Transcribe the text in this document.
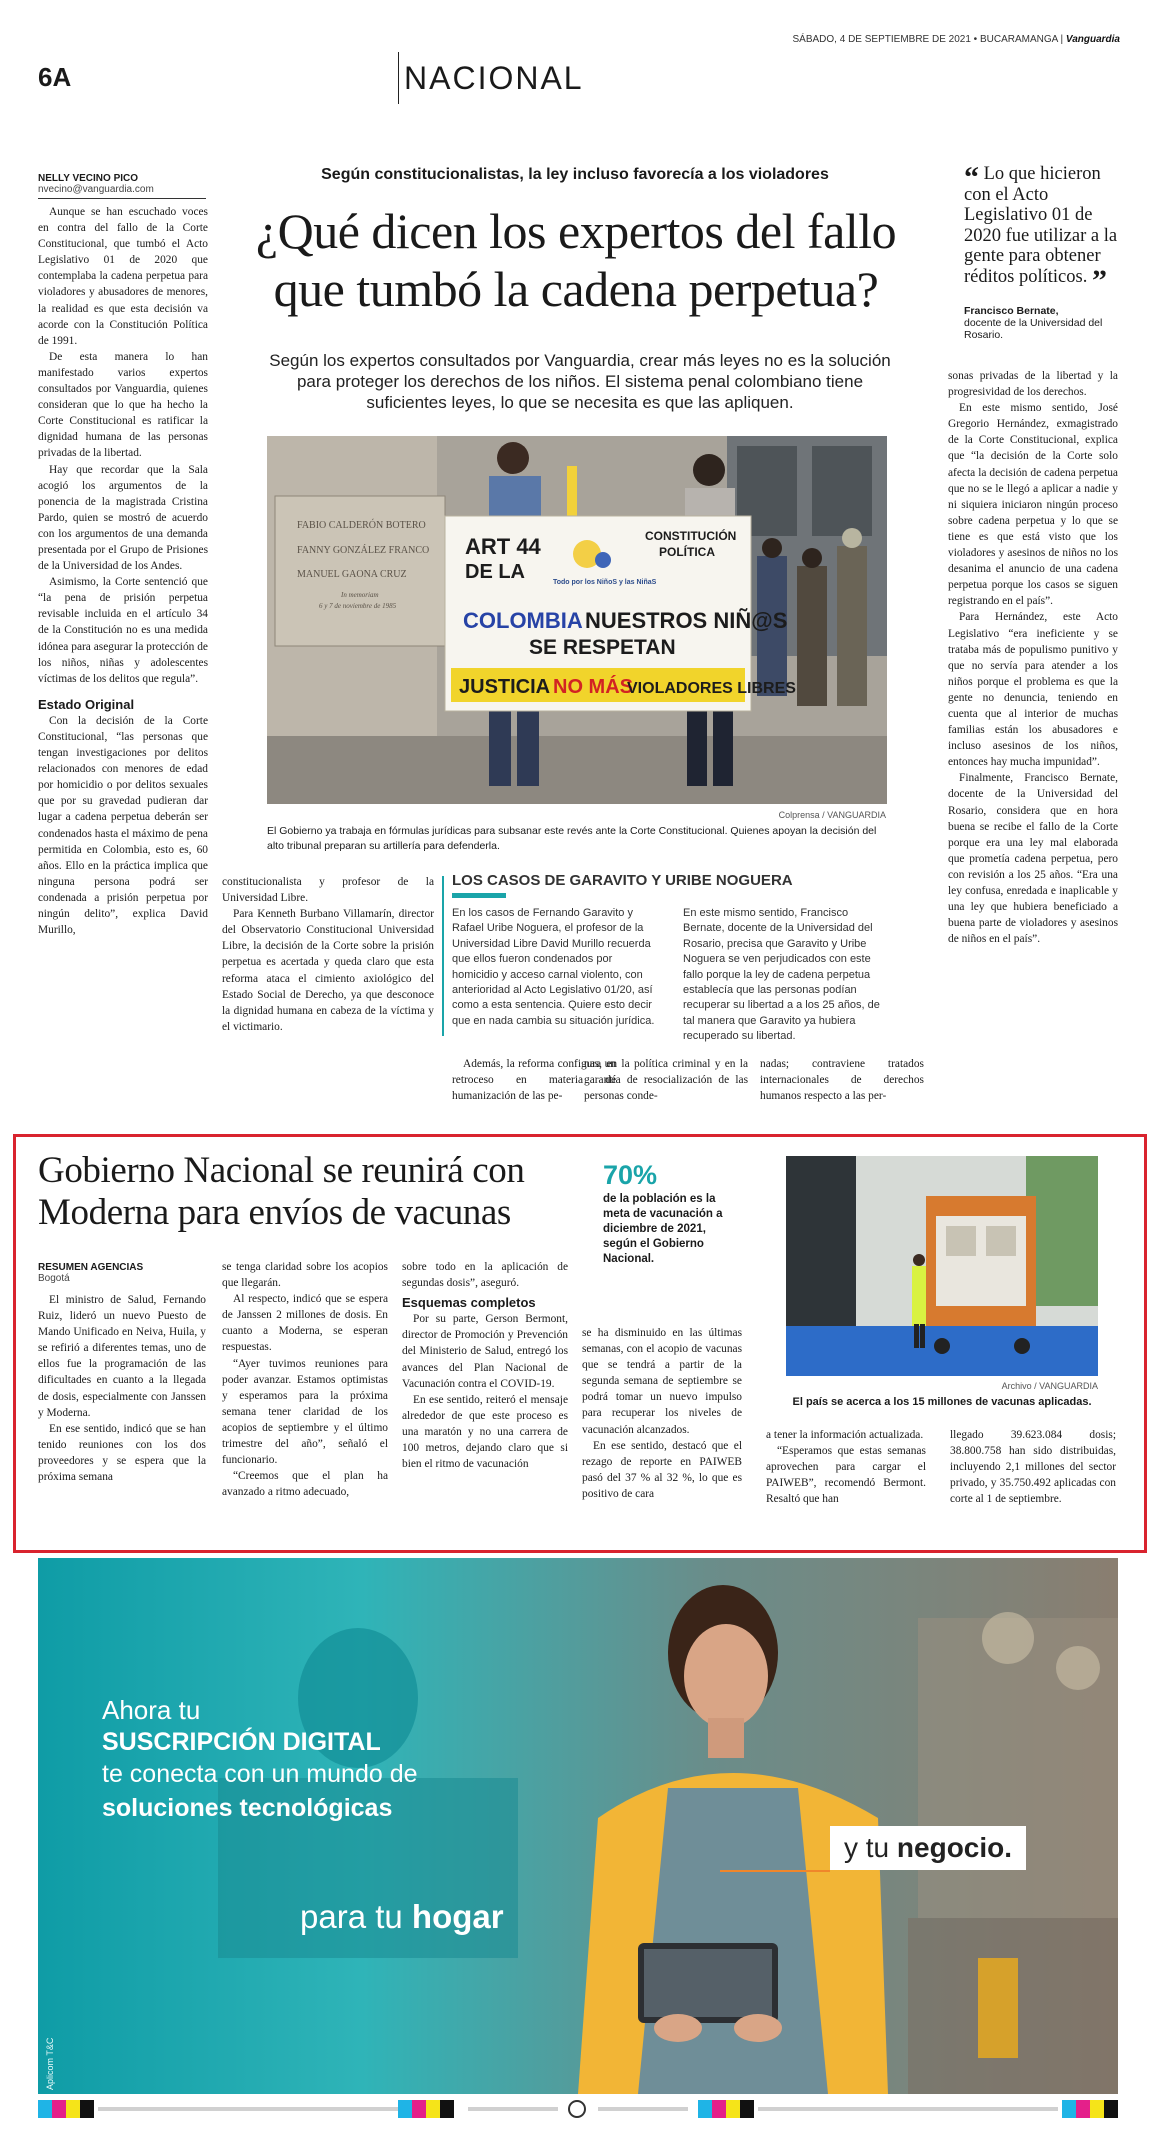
SÁBADO, 4 DE SEPTIEMBRE DE 2021 • BUCARAMANGA | Vanguardia
6A	NACIONAL
NELLY VECINO PICO
nvecino@vanguardia.com

Aunque se han escuchado voces en contra del fallo de la Corte Constitucional, que tumbó el Acto Legislativo 01 de 2020 que contemplaba la cadena perpetua para violadores y abusadores de menores, la realidad es que esta decisión va acorde con la Constitución Política de 1991.

De esta manera lo han manifestado varios expertos consultados por Vanguardia, quienes consideran que lo que ha hecho la Corte Constitucional es ratificar la dignidad humana de las personas privadas de la libertad.

Hay que recordar que la Sala acogió los argumentos de la ponencia de la magistrada Cristina Pardo, quien se mostró de acuerdo con los argumentos de una demanda presentada por el Grupo de Prisiones de la Universidad de los Andes.

Asimismo, la Corte sentenció que “la pena de prisión perpetua revisable incluida en el artículo 34 de la Constitución no es una medida idónea para asegurar la protección de los niños, niñas y adolescentes víctimas de los delitos que regula”.

Estado Original

Con la decisión de la Corte Constitucional, “las personas que tengan investigaciones por delitos relacionados con menores de edad por homicidio o por delitos sexuales que por su gravedad pudieran dar lugar a cadena perpetua deberán ser condenados hasta el máximo de pena permitida en Colombia, esto es, 60 años. Ello en la práctica implica que ninguna persona podrá ser condenada a prisión perpetua por ningún delito”, explica David Murillo,

Según constitucionalistas, la ley incluso favorecía a los violadores
¿Qué dicen los expertos del fallo que tumbó la cadena perpetua?
Según los expertos consultados por Vanguardia, crear más leyes no es la solución para proteger los derechos de los niños. El sistema penal colombiano tiene suficientes leyes, lo que se necesita es que las apliquen.
FABIO CALDERÓN BOTERO
FANNY GONZÁLEZ FRANCO
MANUEL GAONA CRUZ
In memoriam
6 y 7 de noviembre de 1985
ART 44
DE LA
CONSTITUCIÓN
POLÍTICA
Todo por los NiñoS y las NiñaS
COLOMBIA NUESTROS NIÑ@S
SE RESPETAN
JUSTICIA NO MÁS
VIOLADORES LIBRES
Colprensa / VANGUARDIA
El Gobierno ya trabaja en fórmulas jurídicas para subsanar este revés ante la Corte Constitucional. Quienes apoyan la decisión del alto tribunal preparan su artillería para defenderla.

constitucionalista y profesor de la Universidad Libre.

Para Kenneth Burbano Villamarín, director del Observatorio Constitucional Universidad Libre, la decisión de la Corte sobre la prisión perpetua es acertada y queda claro que esta reforma ataca el cimiento axiológico del Estado Social de Derecho, ya que desconoce la dignidad humana en cabeza de la víctima y el victimario.

LOS CASOS DE GARAVITO Y URIBE NOGUERA
En los casos de Fernando Garavito y Rafael Uribe Noguera, el profesor de la Universidad Libre David Murillo recuerda que ellos fueron condenados por homicidio y acceso carnal violento, con anterioridad al Acto Legislativo 01/20, así como a esta sentencia. Quiere esto decir que en nada cambia su situación jurídica.
En este mismo sentido, Francisco Bernate, docente de la Universidad del Rosario, precisa que Garavito y Uribe Noguera se ven perjudicados con este fallo porque la ley de cadena perpetua establecía que las personas podían recuperar su libertad a a los 25 años, de tal manera que Garavito ya hubiera recuperado su libertad.

Además, la reforma configura un retroceso en materia de humanización de las pe-

nas, en la política criminal y en la garantía de resocialización de las personas conde-

nadas; contraviene tratados internacionales de derechos humanos respecto a las per-

“ Lo que hicieron con el Acto Legislativo 01 de 2020 fue utilizar a la gente para obtener réditos políticos. ”
Francisco Bernate,
docente de la Universidad del Rosario.

sonas privadas de la libertad y la progresividad de los derechos.

En este mismo sentido, José Gregorio Hernández, exmagistrado de la Corte Constitucional, explica que “la decisión de la Corte solo afecta la decisión de cadena perpetua que no se le llegó a aplicar a nadie y ni siquiera iniciaron ningún proceso sobre cadena perpetua y lo que se tiene es que está visto que los violadores y asesinos de niños no los desanima el anuncio de una cadena perpetua porque los casos se siguen registrando en el país”.

Para Hernández, este Acto Legislativo “era ineficiente y se trataba más de populismo punitivo y que no servía para atender a los niños porque el problema es que la gente no denuncia, teniendo en cuenta que al interior de muchas familias están los abusadores e incluso asesinos de los niños, entonces hay mucha impunidad”.

Finalmente, Francisco Bernate, docente de la Universidad del Rosario, considera que en hora buena se recibe el fallo de la Corte porque era una ley mal elaborada que prometía cadena perpetua, pero con revisión a los 25 años. “Era una ley confusa, enredada e inaplicable y una ley que hubiera beneficiado a buena parte de violadores y asesinos de niños en el país”.

Gobierno Nacional se reunirá con Moderna para envíos de vacunas
70%
de la población es la meta de vacunación a diciembre de 2021, según el Gobierno Nacional.
RESUMEN AGENCIAS
Bogotá

El ministro de Salud, Fernando Ruiz, lideró un nuevo Puesto de Mando Unificado en Neiva, Huila, y se refirió a diferentes temas, uno de ellos fue la programación de las dificultades en cuanto a la llegada de dosis, especialmente con Janssen y Moderna.

En ese sentido, indicó que se han tenido reuniones con los dos proveedores y se espera que la próxima semana

se tenga claridad sobre los acopios que llegarán.

Al respecto, indicó que se espera de Janssen 2 millones de dosis. En cuanto a Moderna, se esperan respuestas.

“Ayer tuvimos reuniones para poder avanzar. Estamos optimistas y esperamos para la próxima semana tener claridad de los acopios de septiembre y el último trimestre del año”, señaló el funcionario.

“Creemos que el plan ha avanzado a ritmo adecuado,

sobre todo en la aplicación de segundas dosis”, aseguró.

Esquemas completos

Por su parte, Gerson Bermont, director de Promoción y Prevención del Ministerio de Salud, entregó los avances del Plan Nacional de Vacunación contra el COVID-19.

En ese sentido, reiteró el mensaje alrededor de que este proceso es una maratón y no una carrera de 100 metros, dejando claro que si bien el ritmo de vacunación

se ha disminuido en las últimas semanas, con el acopio de vacunas que se tendrá a partir de la segunda semana de septiembre se podrá tomar un nuevo impulso para recuperar los niveles de vacunación alcanzados.

En ese sentido, destacó que el rezago de reporte en PAIWEB pasó del 37 % al 32 %, lo que es positivo de cara

a tener la información actualizada.

“Esperamos que estas semanas aprovechen para cargar el PAIWEB”, recomendó Bermont. Resaltó que han

llegado 39.623.084 dosis; 38.800.758 han sido distribuidas, incluyendo 2,1 millones del sector privado, y 35.750.492 aplicadas con corte al 1 de septiembre.

Archivo / VANGUARDIA
El país se acerca a los 15 millones de vacunas aplicadas.
Ahora tu
SUSCRIPCIÓN DIGITAL
te conecta con un mundo de
soluciones tecnológicas
para tu hogar
y tu negocio.
Aplicom T&C
